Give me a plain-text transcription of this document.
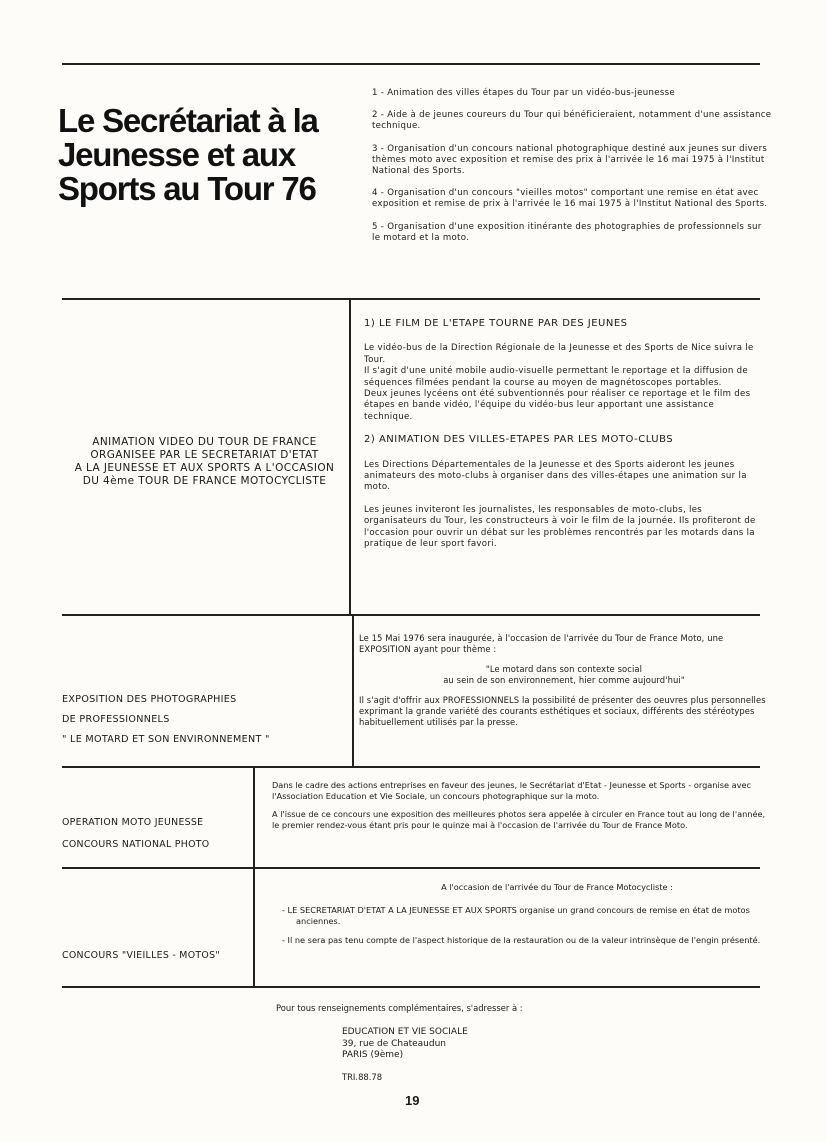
Le Secrétariat à la Jeunesse et aux Sports au Tour 76

1 - Animation des villes étapes du Tour par un vidéo-bus-jeunesse

2 - Aide à de jeunes coureurs du Tour qui bénéficieraient, notamment d'une assistance technique.

3 - Organisation d'un concours national photographique destiné aux jeunes sur divers thèmes moto avec exposition et remise des prix à l'arrivée le 16 mai 1975 à l'Institut National des Sports.

4 - Organisation d'un concours "vieilles motos" comportant une remise en état avec exposition et remise de prix à l'arrivée le 16 mai 1975 à l'Institut National des Sports.

5 - Organisation d'une exposition itinérante des photographies de professionnels sur le motard et la moto.

ANIMATION VIDEO DU TOUR DE FRANCE
ORGANISEE PAR LE SECRETARIAT D'ETAT
A LA JEUNESSE ET AUX SPORTS A L'OCCASION
DU 4ème TOUR DE FRANCE MOTOCYCLISTE

1) LE FILM DE L'ETAPE TOURNE PAR DES JEUNES

Le vidéo-bus de la Direction Régionale de la Jeunesse et des Sports de Nice suivra le Tour.

Il s'agit d'une unité mobile audio-visuelle permettant le reportage et la diffusion de séquences filmées pendant la course au moyen de magnétoscopes portables.

Deux jeunes lycéens ont été subventionnés pour réaliser ce reportage et le film des étapes en bande vidéo, l'équipe du vidéo-bus leur apportant une assistance technique.

2) ANIMATION DES VILLES-ETAPES PAR LES MOTO-CLUBS

Les Directions Départementales de la Jeunesse et des Sports aideront les jeunes animateurs des moto-clubs à organiser dans des villes-étapes une animation sur la moto.

Les jeunes inviteront les journalistes, les responsables de moto-clubs, les organisateurs du Tour, les constructeurs à voir le film de la journée. Ils profiteront de l'occasion pour ouvrir un débat sur les problèmes rencontrés par les motards dans la pratique de leur sport favori.

EXPOSITION DES PHOTOGRAPHIES
DE PROFESSIONNELS
" LE MOTARD ET SON ENVIRONNEMENT "

Le 15 Mai 1976 sera inaugurée, à l'occasion de l'arrivée du Tour de France Moto, une EXPOSITION ayant pour thème :

"Le motard dans son contexte social

au sein de son environnement, hier comme aujourd'hui"

Il s'agit d'offrir aux PROFESSIONNELS la possibilité de présenter des oeuvres plus personnelles exprimant la grande variété des courants esthétiques et sociaux, différents des stéréotypes habituellement utilisés par la presse.

OPERATION MOTO JEUNESSE
CONCOURS NATIONAL PHOTO

Dans le cadre des actions entreprises en faveur des jeunes, le Secrétariat d'Etat - Jeunesse et Sports - organise avec l'Association Education et Vie Sociale, un concours photographique sur la moto.

A l'issue de ce concours une exposition des meilleures photos sera appelée à circuler en France tout au long de l'année, le premier rendez-vous étant pris pour le quinze mai à l'occasion de l'arrivée du Tour de France Moto.

CONCOURS "VIEILLES - MOTOS"

A l'occasion de l'arrivée du Tour de France Motocycliste :

- LE SECRETARIAT D'ETAT A LA JEUNESSE ET AUX SPORTS organise un grand concours de remise en état de motos anciennes.

- Il ne sera pas tenu compte de l'aspect historique de la restauration ou de la valeur intrinsèque de l'engin présenté.

Pour tous renseignements complémentaires, s'adresser à :
EDUCATION ET VIE SOCIALE
39, rue de Chateaudun
PARIS (9ème)
TRI.88.78
19
